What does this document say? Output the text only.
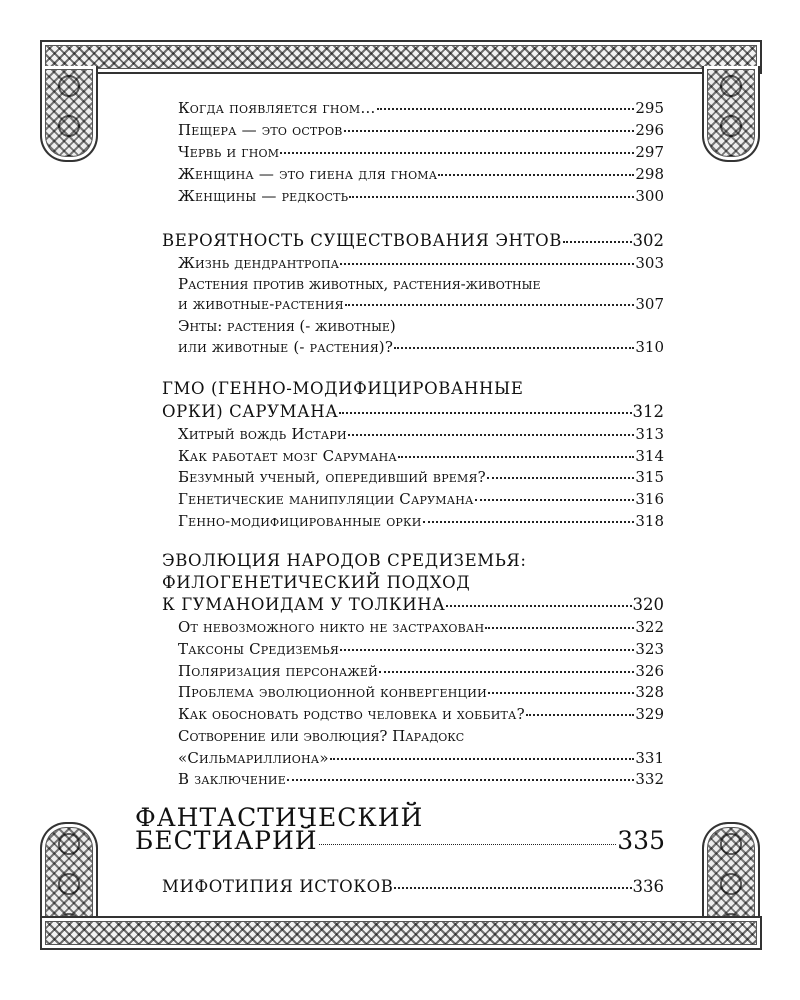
Когда появляется гном…	295
Пещера — это остров	296
Червь и гном	297
Женщина — это гиена для гнома	298
Женщины — редкость	300
ВЕРОЯТНОСТЬ СУЩЕСТВОВАНИЯ ЭНТОВ	302
Жизнь дендрантропа	303
Растения против животных, растения-животные
и животные-растения	307
Энты: растения (- животные)
или животные (- растения)?	310
ГМО (ГЕННО-МОДИФИЦИРОВАННЫЕ
ОРКИ) САРУМАНА	312
Хитрый вождь Истари	313
Как работает мозг Сарумана	314
Безумный ученый, опередивший время?	315
Генетические манипуляции Сарумана	316
Генно-модифицированные орки	318
ЭВОЛЮЦИЯ НАРОДОВ СРЕДИЗЕМЬЯ:
ФИЛОГЕНЕТИЧЕСКИЙ ПОДХОД
К ГУМАНОИДАМ У ТОЛКИНА	320
От невозможного никто не застрахован	322
Таксоны Средиземья	323
Поляризация персонажей	326
Проблема эволюционной конвергенции	328
Как обосновать родство человека и хоббита?	329
Сотворение или эволюция? Парадокс
«Сильмариллиона»	331
В заключение	332
ФАНТАСТИЧЕСКИЙ
БЕСТИАРИЙ	335
МИФОТИПИЯ ИСТОКОВ	336
